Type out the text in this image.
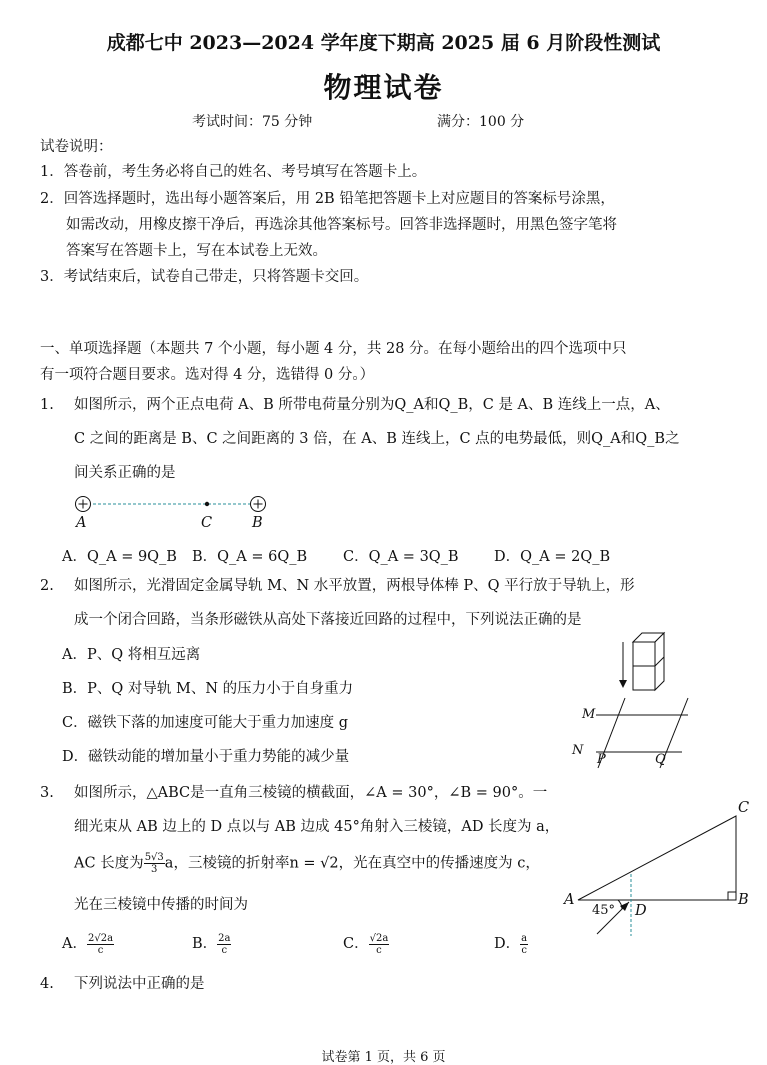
成都七中 2023—2024 学年度下期高 2025 届 6 月阶段性测试
物理试卷
考试时间：75 分钟	满分：100 分
试卷说明：
1．答卷前，考生务必将自己的姓名、考号填写在答题卡上。
2．回答选择题时，选出每小题答案后，用 2B 铅笔把答题卡上对应题目的答案标号涂黑，
如需改动，用橡皮擦干净后，再选涂其他答案标号。回答非选择题时，用黑色签字笔将
答案写在答题卡上，写在本试卷上无效。
3．考试结束后，试卷自己带走，只将答题卡交回。
一、单项选择题（本题共 7 个小题，每小题 4 分，共 28 分。在每小题给出的四个选项中只
有一项符合题目要求。选对得 4 分，选错得 0 分。）
1. 如图所示，两个正点电荷 A、B 所带电荷量分别为Q_A和Q_B，C 是 A、B 连线上一点，A、
C 之间的距离是 B、C 之间距离的 3 倍，在 A、B 连线上，C 点的电势最低，则Q_A和Q_B之
间关系正确的是
A	C	B
A．Q_A = 9Q_B B．Q_A = 6Q_B C．Q_A = 3Q_B D．Q_A = 2Q_B
2. 如图所示，光滑固定金属导轨 M、N 水平放置，两根导体棒 P、Q 平行放于导轨上，形
成一个闭合回路，当条形磁铁从高处下落接近回路的过程中，下列说法正确的是
A．P、Q 将相互远离
B．P、Q 对导轨 M、N 的压力小于自身重力
C．磁铁下落的加速度可能大于重力加速度 g
D．磁铁动能的增加量小于重力势能的减少量
M
N
P	Q
3. 如图所示，△ABC是一直角三棱镜的横截面，∠A = 30°，∠B = 90°。一
细光束从 AB 边上的 D 点以与 AB 边成 45°角射入三棱镜，AD 长度为 a，
AC 长度为 $\frac{5√3}{3}$ a，三棱镜的折射率n = √2，光在真空中的传播速度为 c，
光在三棱镜中传播的时间为
A． $\frac{2√2a}{c}$	B． $\frac{2a}{c}$	C． $\frac{√2a}{c}$	D． $\frac{a}{c}$
A	B
C
D
45°
4. 下列说法中正确的是
试卷第 1 页，共 6 页
